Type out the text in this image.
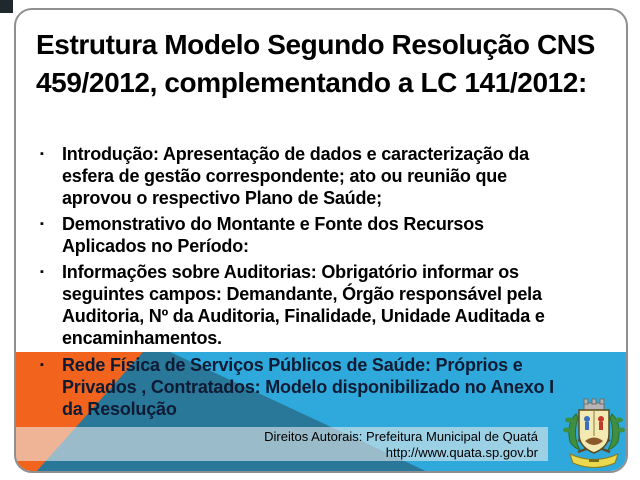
Estrutura Modelo Segundo Resolução CNS
459/2012, complementando a LC 141/2012:
▪	Introdução: Apresentação de dados e caracterização da
esfera de gestão correspondente; ato ou reunião que
aprovou o respectivo Plano de Saúde;
▪	Demonstrativo do Montante e Fonte dos Recursos
Aplicados no Período:
▪	Informações sobre Auditorias: Obrigatório informar os
seguintes campos: Demandante, Órgão responsável pela
Auditoria, Nº da Auditoria, Finalidade, Unidade Auditada e
encaminhamentos.
▪	Rede Física de Serviços Públicos de Saúde: Próprios e
Privados , Contratados: Modelo disponibilizado no Anexo I
da Resolução
Direitos Autorais: Prefeitura Municipal de Quatá
http://www.quata.sp.gov.br
